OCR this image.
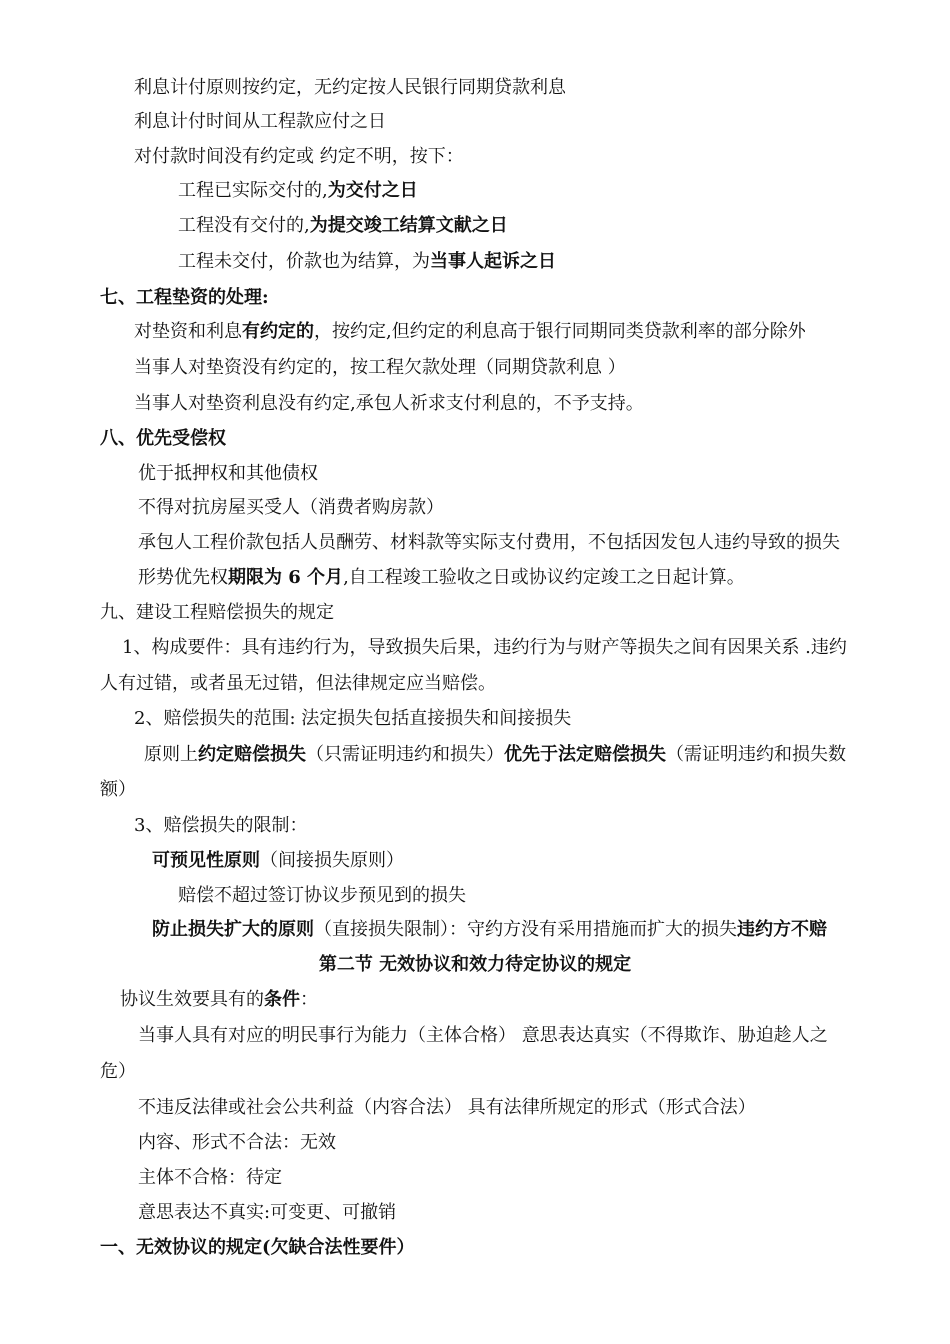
利息计付原则按约定，无约定按人民银行同期贷款利息
利息计付时间从工程款应付之日
对付款时间没有约定或 约定不明，按下：
工程已实际交付的,为交付之日
工程没有交付的,为提交竣工结算文献之日
工程未交付，价款也为结算，为当事人起诉之日
七、工程垫资的处理:
对垫资和利息有约定的，按约定,但约定的利息高于银行同期同类贷款利率的部分除外
当事人对垫资没有约定的，按工程欠款处理（同期贷款利息 ）
当事人对垫资利息没有约定,承包人祈求支付利息的，不予支持。
八、优先受偿权
优于抵押权和其他债权
不得对抗房屋买受人（消费者购房款）
承包人工程价款包括人员酬劳、材料款等实际支付费用，不包括因发包人违约导致的损失
形势优先权期限为 6 个月,自工程竣工验收之日或协议约定竣工之日起计算。
九、建设工程赔偿损失的规定
1、构成要件：具有违约行为，导致损失后果，违约行为与财产等损失之间有因果关系 .违约
人有过错，或者虽无过错，但法律规定应当赔偿。
2、赔偿损失的范围: 法定损失包括直接损失和间接损失
原则上约定赔偿损失（只需证明违约和损失）优先于法定赔偿损失（需证明违约和损失数
额）
3、赔偿损失的限制：
可预见性原则（间接损失原则）
赔偿不超过签订协议步预见到的损失
防止损失扩大的原则（直接损失限制）：守约方没有采用措施而扩大的损失违约方不赔
第二节 无效协议和效力待定协议的规定
协议生效要具有的条件：
当事人具有对应的明民事行为能力（主体合格） 意思表达真实（不得欺诈、胁迫趁人之
危）
不违反法律或社会公共利益（内容合法） 具有法律所规定的形式（形式合法）
内容、形式不合法：无效
主体不合格：待定
意思表达不真实:可变更、可撤销
一、无效协议的规定(欠缺合法性要件）
